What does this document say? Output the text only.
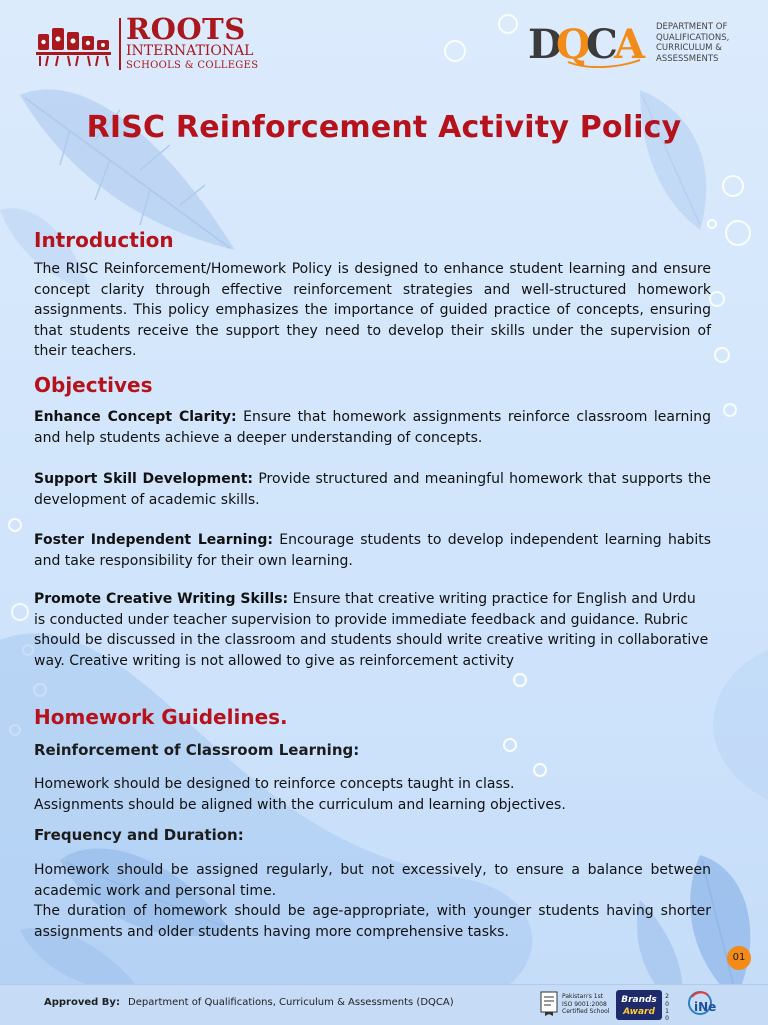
ROOTS
INTERNATIONAL
SCHOOLS & COLLEGES	D
Q
C
A DEPARTMENT OF
QUALIFICATIONS,
CURRICULUM &
ASSESSMENTS
RISC Reinforcement Activity Policy
Introduction
The RISC Reinforcement/Homework Policy is designed to enhance student learning and ensure concept clarity through effective reinforcement strategies and well-structured homework assignments. This policy emphasizes the importance of guided practice of concepts, ensuring that students receive the support they need to develop their skills under the supervision of their teachers.
Objectives
Enhance Concept Clarity: Ensure that homework assignments reinforce classroom learning and help students achieve a deeper understanding of concepts.
Support Skill Development: Provide structured and meaningful homework that supports the development of academic skills.
Foster Independent Learning: Encourage students to develop independent learning habits and take responsibility for their own learning.
Promote Creative Writing Skills: Ensure that creative writing practice for English and Urdu is conducted under teacher supervision to provide immediate feedback and guidance. Rubric should be discussed in the classroom and students should write creative writing in collaborative way. Creative writing is not allowed to give as reinforcement activity
Homework Guidelines.
Reinforcement of Classroom Learning:
Homework should be designed to reinforce concepts taught in class.
Assignments should be aligned with the curriculum and learning objectives.
Frequency and Duration:
Homework should be assigned regularly, but not excessively, to ensure a balance between academic work and personal time.
The duration of homework should be age-appropriate, with younger students having shorter assignments and older students having more comprehensive tasks.
01
Approved By: Department of Qualifications, Curriculum & Assessments (DQCA)
Pakistan's 1st
ISO 9001:2008
Certified School
Brands
Award
2
0
1
0
iNe
